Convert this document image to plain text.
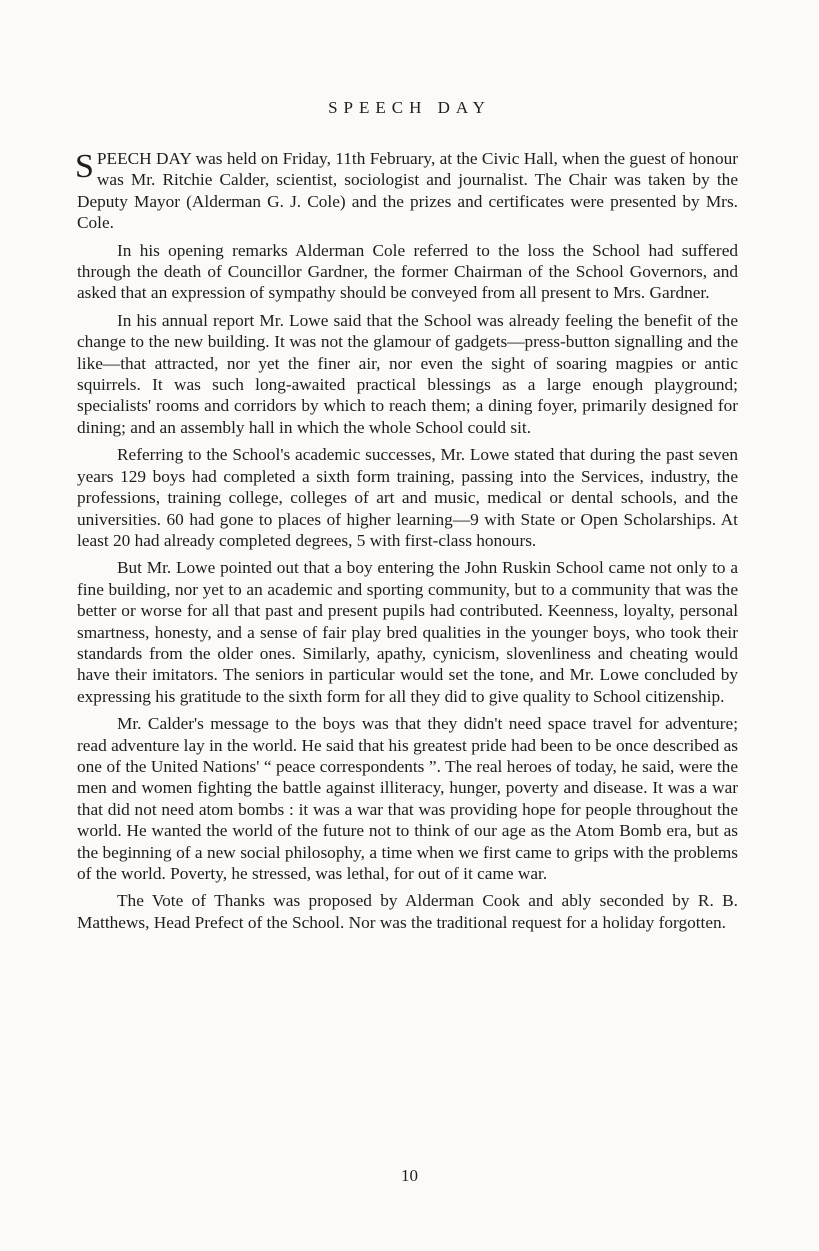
SPEECH DAY

SPEECH DAY was held on Friday, 11th February, at the Civic Hall, when the guest of honour was Mr. Ritchie Calder, scientist, sociologist and journalist. The Chair was taken by the Deputy Mayor (Alderman G. J. Cole) and the prizes and certificates were presented by Mrs. Cole.

In his opening remarks Alderman Cole referred to the loss the School had suffered through the death of Councillor Gardner, the former Chairman of the School Governors, and asked that an expression of sympathy should be conveyed from all present to Mrs. Gardner.

In his annual report Mr. Lowe said that the School was already feeling the benefit of the change to the new building. It was not the glamour of gadgets—press-button signalling and the like—that attracted, nor yet the finer air, nor even the sight of soaring magpies or antic squirrels. It was such long-awaited practical blessings as a large enough playground; specialists' rooms and corridors by which to reach them; a dining foyer, primarily designed for dining; and an assembly hall in which the whole School could sit.

Referring to the School's academic successes, Mr. Lowe stated that during the past seven years 129 boys had completed a sixth form training, passing into the Services, industry, the professions, training college, colleges of art and music, medical or dental schools, and the universities. 60 had gone to places of higher learning—9 with State or Open Scholarships. At least 20 had already completed degrees, 5 with first-class honours.

But Mr. Lowe pointed out that a boy entering the John Ruskin School came not only to a fine building, nor yet to an academic and sporting community, but to a community that was the better or worse for all that past and present pupils had contributed. Keenness, loyalty, personal smartness, honesty, and a sense of fair play bred qualities in the younger boys, who took their standards from the older ones. Similarly, apathy, cynicism, slovenliness and cheating would have their imitators. The seniors in particular would set the tone, and Mr. Lowe concluded by expressing his gratitude to the sixth form for all they did to give quality to School citizenship.

Mr. Calder's message to the boys was that they didn't need space travel for adventure; read adventure lay in the world. He said that his greatest pride had been to be once described as one of the United Nations' “ peace correspondents ”. The real heroes of today, he said, were the men and women fighting the battle against illiteracy, hunger, poverty and disease. It was a war that did not need atom bombs : it was a war that was providing hope for people throughout the world. He wanted the world of the future not to think of our age as the Atom Bomb era, but as the beginning of a new social philosophy, a time when we first came to grips with the problems of the world. Poverty, he stressed, was lethal, for out of it came war.

The Vote of Thanks was proposed by Alderman Cook and ably seconded by R. B. Matthews, Head Prefect of the School. Nor was the traditional request for a holiday forgotten.

10
